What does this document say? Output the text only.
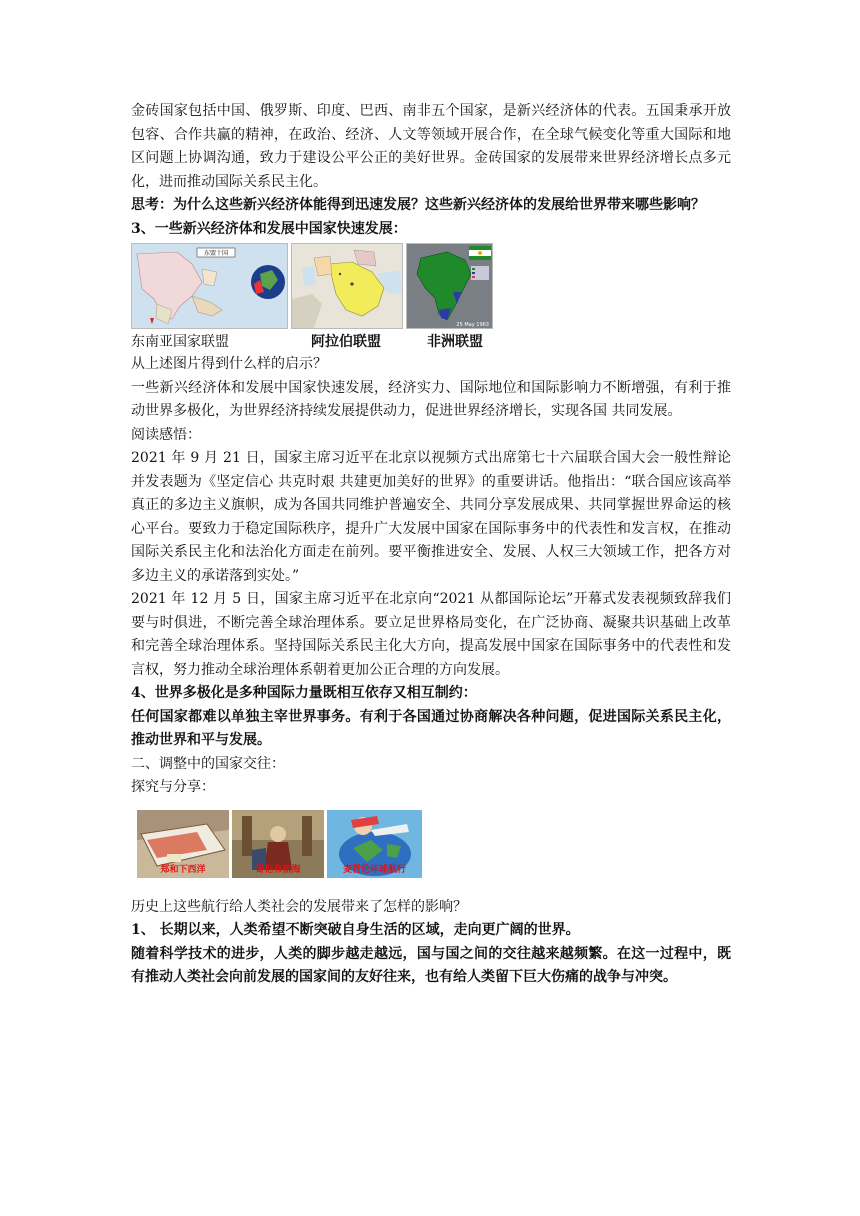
金砖国家包括中国、俄罗斯、印度、巴西、南非五个国家，是新兴经济体的代表。五国秉承开放包容、合作共赢的精神，在政治、经济、人文等领域开展合作，在全球气候变化等重大国际和地区问题上协调沟通，致力于建设公平公正的美好世界。金砖国家的发展带来世界经济增长点多元化，进而推动国际关系民主化。

思考：为什么这些新兴经济体能得到迅速发展？这些新兴经济体的发展给世界带来哪些影响？

3、一些新兴经济体和发展中国家快速发展：

东盟十国
25 May 1963
东南亚国家联盟	阿拉伯联盟	非洲联盟

从上述图片得到什么样的启示？

一些新兴经济体和发展中国家快速发展，经济实力、国际地位和国际影响力不断增强，有利于推动世界多极化，为世界经济持续发展提供动力，促进世界经济增长，实现各国 共同发展。

阅读感悟：

2021 年 9 月 21 日，国家主席习近平在北京以视频方式出席第七十六届联合国大会一般性辩论并发表题为《坚定信心 共克时艰 共建更加美好的世界》的重要讲话。他指出：“联合国应该高举真正的多边主义旗帜，成为各国共同维护普遍安全、共同分享发展成果、共同掌握世界命运的核心平台。要致力于稳定国际秩序，提升广大发展中国家在国际事务中的代表性和发言权，在推动国际关系民主化和法治化方面走在前列。要平衡推进安全、发展、人权三大领域工作，把各方对多边主义的承诺落到实处。”

2021 年 12 月 5 日，国家主席习近平在北京向“2021 从都国际论坛”开幕式发表视频致辞我们要与时俱进，不断完善全球治理体系。要立足世界格局变化，在广泛协商、凝聚共识基础上改革和完善全球治理体系。坚持国际关系民主化大方向，提高发展中国家在国际事务中的代表性和发言权，努力推动全球治理体系朝着更加公正合理的方向发展。

4、世界多极化是多种国际力量既相互依存又相互制约：

任何国家都难以单独主宰世界事务。有利于各国通过协商解决各种问题，促进国际关系民主化，推动世界和平与发展。

二、调整中的国家交往：

探究与分享：

郑和下西洋	哥伦布航海	麦哲伦环球航行

历史上这些航行给人类社会的发展带来了怎样的影响？

1、 长期以来，人类希望不断突破自身生活的区域，走向更广阔的世界。

随着科学技术的进步，人类的脚步越走越远，国与国之间的交往越来越频繁。在这一过程中，既有推动人类社会向前发展的国家间的友好往来，也有给人类留下巨大伤痛的战争与冲突。
